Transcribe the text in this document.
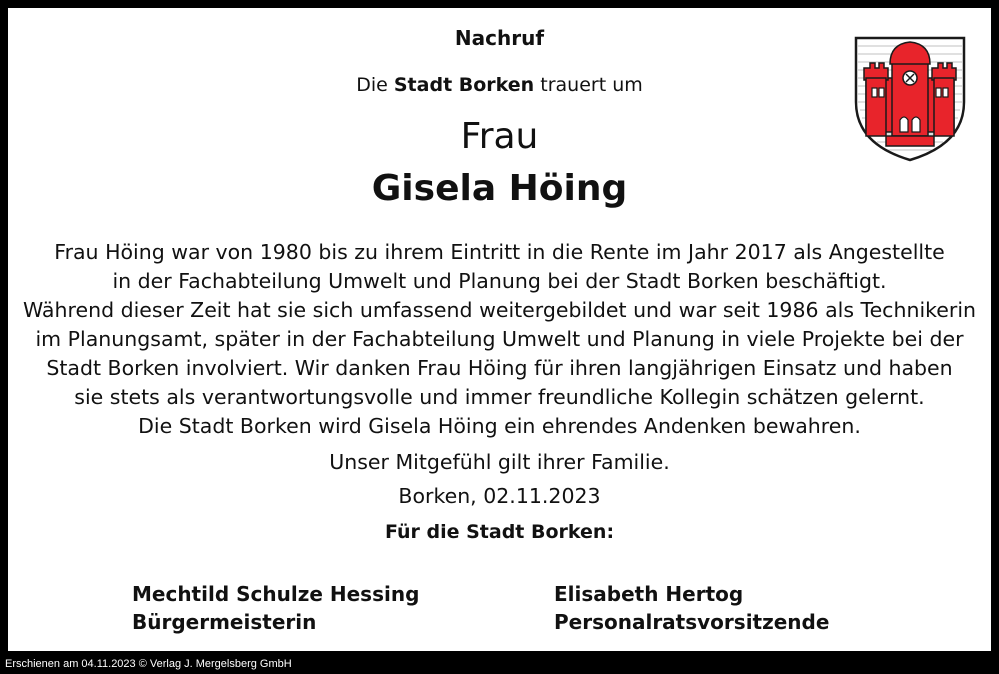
Nachruf
Die Stadt Borken trauert um
Frau
Gisela Höing
Frau Höing war von 1980 bis zu ihrem Eintritt in die Rente im Jahr 2017 als Angestellte
in der Fachabteilung Umwelt und Planung bei der Stadt Borken beschäftigt.
Während dieser Zeit hat sie sich umfassend weitergebildet und war seit 1986 als Technikerin
im Planungsamt, später in der Fachabteilung Umwelt und Planung in viele Projekte bei der
Stadt Borken involviert. Wir danken Frau Höing für ihren langjährigen Einsatz und haben
sie stets als verantwortungsvolle und immer freundliche Kollegin schätzen gelernt.
Die Stadt Borken wird Gisela Höing ein ehrendes Andenken bewahren.
Unser Mitgefühl gilt ihrer Familie.
Borken, 02.11.2023
Für die Stadt Borken:
Mechtild Schulze Hessing
Bürgermeisterin
Elisabeth Hertog
Personalratsvorsitzende
Erschienen am 04.11.2023 © Verlag J. Mergelsberg GmbH
